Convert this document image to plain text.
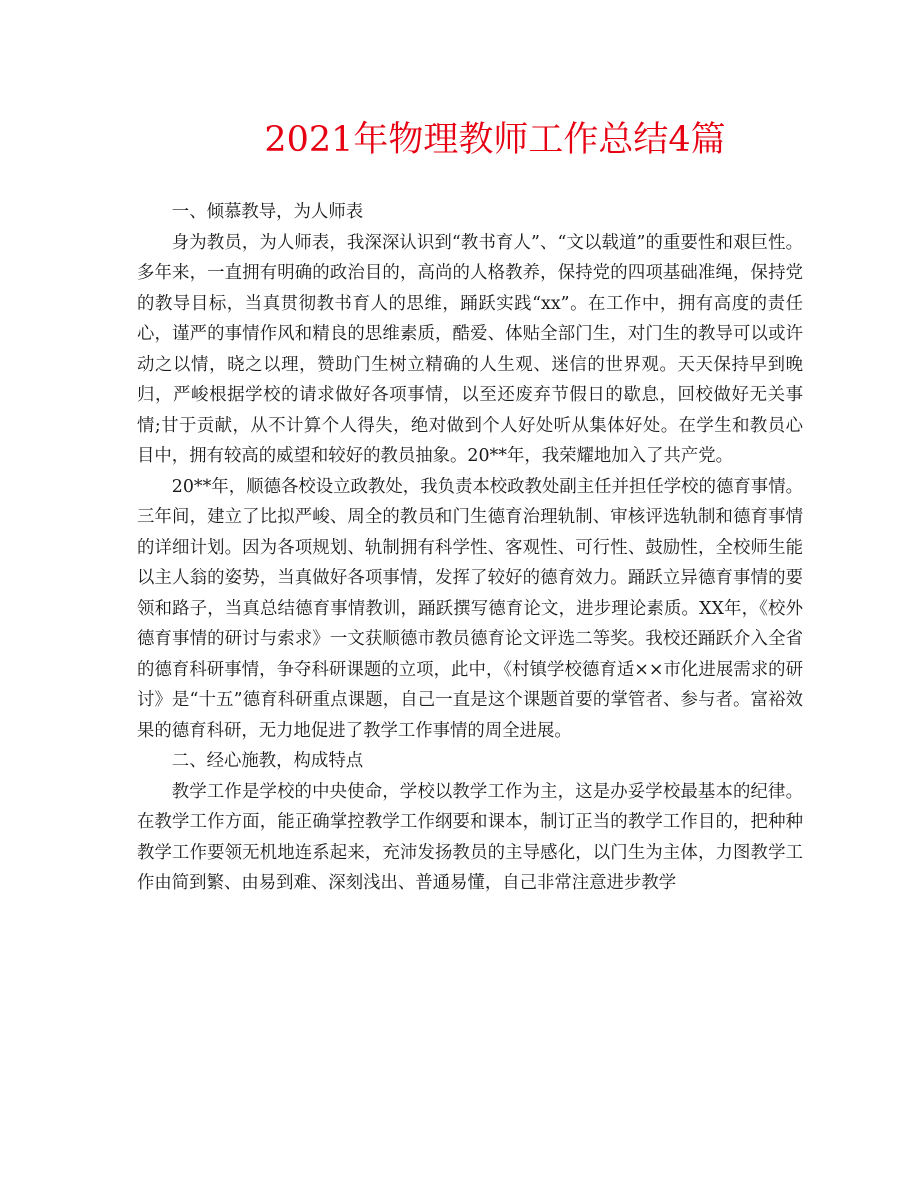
2021年物理教师工作总结4篇

一、倾慕教导，为人师表

身为教员，为人师表，我深深认识到“教书育人”、“文以载道”的重要性和艰巨性。多年来，一直拥有明确的政治目的，高尚的人格教养，保持党的四项基础准绳，保持党的教导目标，当真贯彻教书育人的思维，踊跃实践“xx”。在工作中，拥有高度的责任心，谨严的事情作风和精良的思维素质，酷爱、体贴全部门生，对门生的教导可以或许动之以情，晓之以理，赞助门生树立精确的人生观、迷信的世界观。天天保持早到晚归，严峻根据学校的请求做好各项事情，以至还废弃节假日的歇息，回校做好无关事情;甘于贡献，从不计算个人得失，绝对做到个人好处听从集体好处。在学生和教员心目中，拥有较高的威望和较好的教员抽象。20**年，我荣耀地加入了共产党。

20**年，顺德各校设立政教处，我负责本校政教处副主任并担任学校的德育事情。三年间，建立了比拟严峻、周全的教员和门生德育治理轨制、审核评选轨制和德育事情的详细计划。因为各项规划、轨制拥有科学性、客观性、可行性、鼓励性，全校师生能以主人翁的姿势，当真做好各项事情，发挥了较好的德育效力。踊跃立异德育事情的要领和路子，当真总结德育事情教训，踊跃撰写德育论文，进步理论素质。XX年，《校外德育事情的研讨与索求》一文获顺德市教员德育论文评选二等奖。我校还踊跃介入全省的德育科研事情，争夺科研课题的立项，此中，《村镇学校德育适××市化进展需求的研讨》是“十五”德育科研重点课题，自己一直是这个课题首要的掌管者、参与者。富裕效果的德育科研，无力地促进了教学工作事情的周全进展。

二、经心施教，构成特点

教学工作是学校的中央使命，学校以教学工作为主，这是办妥学校最基本的纪律。在教学工作方面，能正确掌控教学工作纲要和课本，制订正当的教学工作目的，把种种教学工作要领无机地连系起来，充沛发扬教员的主导感化，以门生为主体，力图教学工作由简到繁、由易到难、深刻浅出、普通易懂，自己非常注意进步教学
